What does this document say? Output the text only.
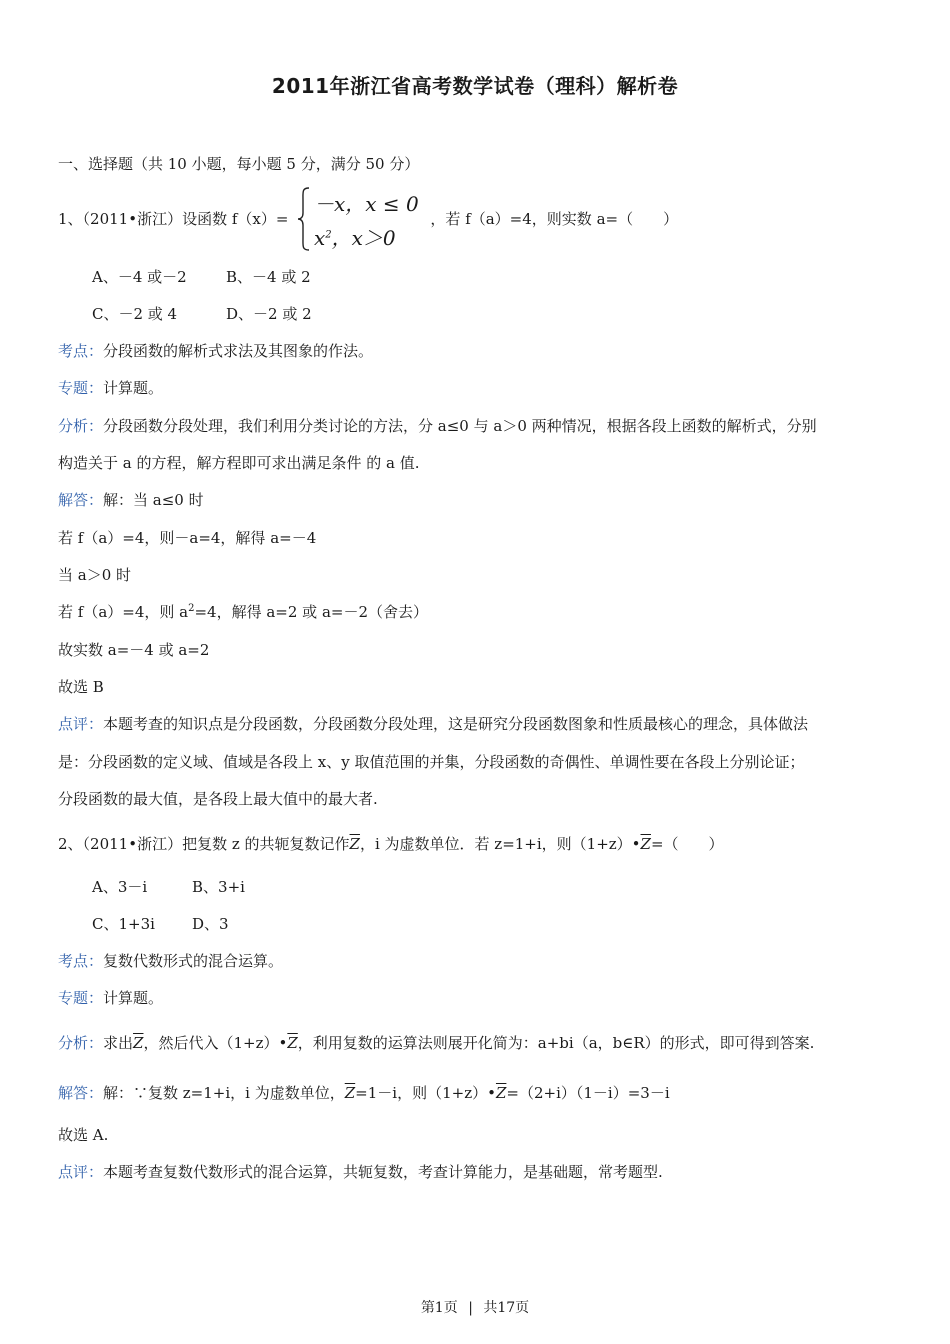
2011年浙江省高考数学试卷（理科）解析卷
一、选择题（共 10 小题，每小题 5 分，满分 50 分）
1、（2011•浙江）设函数 f（x）=	，若 f（a）=4，则实数 a=（　　）
－x，x ≤ 0
$x^2$，x＞0
A、－4 或－2	B、－4 或 2
C、－2 或 4	D、－2 或 2
考点：分段函数的解析式求法及其图象的作法。
专题：计算题。
分析：分段函数分段处理，我们利用分类讨论的方法，分 a≤0 与 a＞0 两种情况，根据各段上函数的解析式，分别
构造关于 a 的方程，解方程即可求出满足条件 的 a 值.
解答：解：当 a≤0 时
若 f（a）=4，则－a=4，解得 a=－4
当 a＞0 时
若 f（a）=4，则 $a^2=4$，解得 a=2 或 a=－2（舍去）
故实数 a=－4 或 a=2
故选 B
点评：本题考查的知识点是分段函数，分段函数分段处理，这是研究分段函数图象和性质最核心的理念，具体做法
是：分段函数的定义域、值域是各段上 x、y 取值范围的并集，分段函数的奇偶性、单调性要在各段上分别论证；
分段函数的最大值，是各段上最大值中的最大者.
2、（2011•浙江）把复数 z 的共轭复数记作$\overline{Z}$，i 为虚数单位．若 z=1+i，则$(1+z)•\overline{Z}=$（　　）
A、3－i	B、3+i
C、1+3i D、3
考点：复数代数形式的混合运算。
专题：计算题。
分析：求出$\overline{Z}$，然后代入$(1+z)•\overline{Z}$，利用复数的运算法则展开化简为：a+bi（a，b∈R）的形式，即可得到答案.
解答：解：∵复数 z=1+i，i 为虚数单位，$\overline{Z}=1-i$，则$(1+z)•\overline{Z}=(2+i)(1-i)=3-i$
故选 A.
点评：本题考查复数代数形式的混合运算，共轭复数，考查计算能力，是基础题，常考题型.
第1页 | 共17页
